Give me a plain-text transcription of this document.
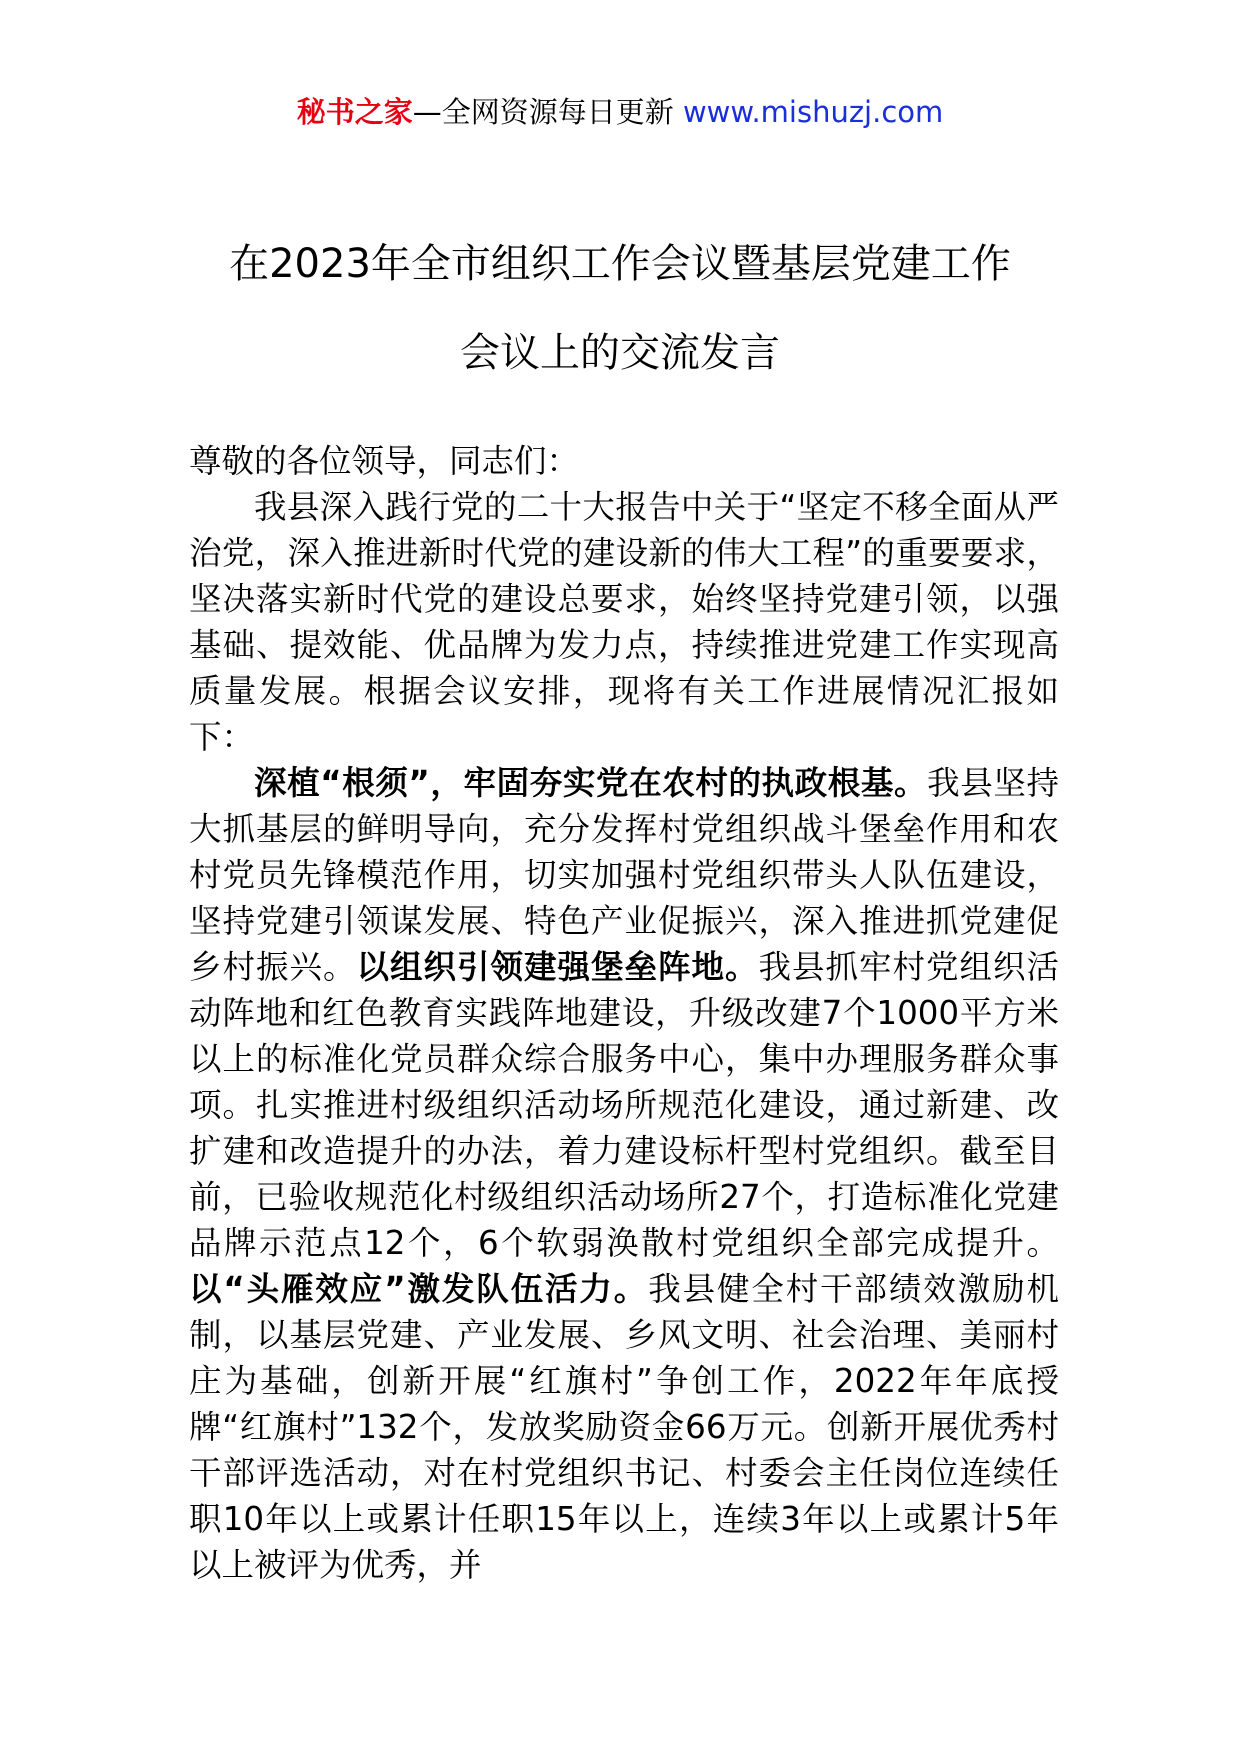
秘书之家—全网资源每日更新 www.mishuzj.com
在2023年全市组织工作会议暨基层党建工作
会议上的交流发言

尊敬的各位领导，同志们：

我县深入践行党的二十大报告中关于“坚定不移全面从严治党，深入推进新时代党的建设新的伟大工程”的重要要求，坚决落实新时代党的建设总要求，始终坚持党建引领，以强基础、提效能、优品牌为发力点，持续推进党建工作实现高质量发展。根据会议安排，现将有关工作进展情况汇报如下：

深植“根须”，牢固夯实党在农村的执政根基。我县坚持大抓基层的鲜明导向，充分发挥村党组织战斗堡垒作用和农村党员先锋模范作用，切实加强村党组织带头人队伍建设，坚持党建引领谋发展、特色产业促振兴，深入推进抓党建促乡村振兴。以组织引领建强堡垒阵地。我县抓牢村党组织活动阵地和红色教育实践阵地建设，升级改建7个1000平方米以上的标准化党员群众综合服务中心，集中办理服务群众事项。扎实推进村级组织活动场所规范化建设，通过新建、改扩建和改造提升的办法，着力建设标杆型村党组织。截至目前，已验收规范化村级组织活动场所27个，打造标准化党建品牌示范点12个，6个软弱涣散村党组织全部完成提升。以“头雁效应”激发队伍活力。我县健全村干部绩效激励机制，以基层党建、产业发展、乡风文明、社会治理、美丽村庄为基础，创新开展“红旗村”争创工作，2022年年底授牌“红旗村”132个，发放奖励资金66万元。创新开展优秀村干部评选活动，对在村党组织书记、村委会主任岗位连续任职10年以上或累计任职15年以上，连续3年以上或累计5年以上被评为优秀，并
